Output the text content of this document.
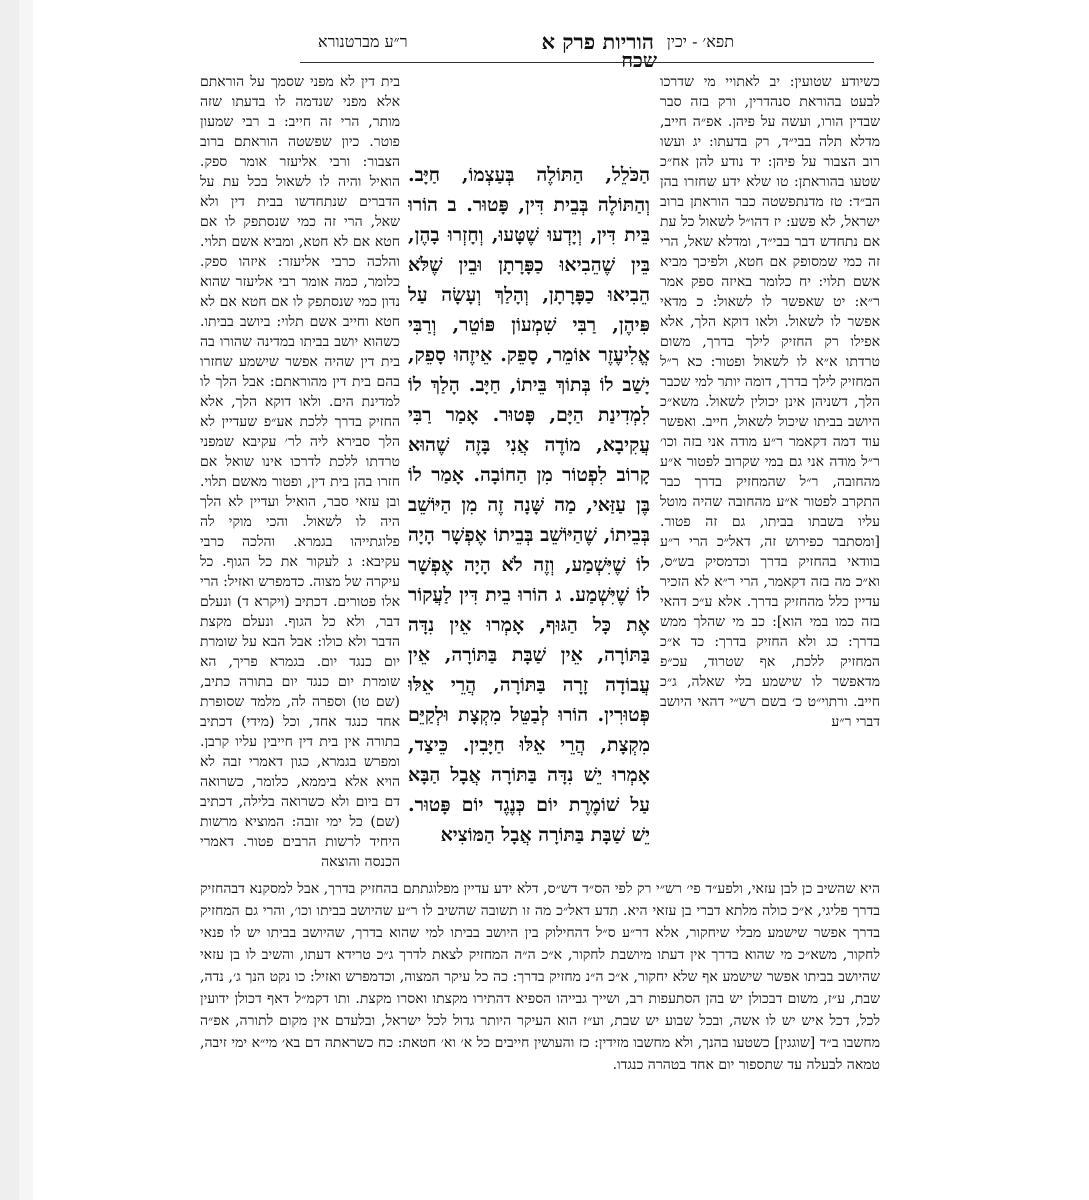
שכח
תפא׳ - יכין
הוריות פרק א
ר״ע מברטנורא

כשיודע שטועין: יב לאתויי מי שדרכו לבעט בהוראת סנהדרין, ורק בזה סבר שבדין הורו, ועשה על פיהן. אפ״ה חייב, מדלא תלה בבי״ד, רק בדעתו: יג ועשו רוב הצבור על פיהן: יד נודע להן אח״כ שטעו בהוראתן: טו שלא ידע שחזרו בהן הב״ד: טז מדנתפשטה כבר הוראתן ברוב ישראל, לא פשע: יז דהו״ל לשאול כל עת אם נתחדש דבר בבי״ד, ומדלא שאל, הרי זה כמי שמסופק אם חטא, ולפיכך מביא אשם תלוי: יח כלומר באיזה ספק אמר ר״א: יט שאפשר לו לשאול: כ מדאי אפשר לו לשאול. ולאו דוקא הלך, אלא אפילו רק החזיק לילך בדרך, משום טרדתו א״א לו לשאול ופטור: כא ר״ל המחזיק לילך בדרך, דומה יותר למי שכבר הלך, דשניהן אינן יכולין לשאול. משא״כ היושב בביתו שיכול לשאול, חייב. ואפשר עוד דמה דקאמר ר״ע מודה אני בזה וכו׳ ר״ל מודה אני גם במי שקרוב לפטור א״ע מהחובה, ר״ל שהמחזיק בדרך כבר התקרב לפטור א״ע מהחובה שהיה מוטל עליו בשבתו בביתו, גם זה פטור. [ומסתבר כפירוש זה, דאל״כ הרי ר״ע בוודאי בהחזיק בדרך וכדמסיק בש״ס, וא״כ מה בזה דקאמר, הרי ר״א לא הזכיר עדיין כלל מהחזיק בדרך. אלא ע״כ דהאי בזה כמו במי הוא]: כב מי שהלך ממש בדרך: כג ולא החזיק בדרך: כד א״כ המחזיק ללכת, אף שטרוד, עכ״פ מדאפשר לו שישמע בלי שאלה, ג״כ חייב. ורתוי״ט כ׳ בשם רש״י דהאי היושב דברי ר״ע

הַכֹּלֵל, הַתּוֹלֶה בְּעַצְמוֹ, חַיָּב. וְהַתּוֹלֶה בְּבֵית דִּין, פָּטוּר. ב הוֹרוּ בֵּית דִּין, וְיָדְעוּ שֶׁטָּעוּ, וְחָזְרוּ בָהֶן, בֵּין שֶׁהֵבִיאוּ כַפָּרָתָן וּבֵין שֶׁלֹּא הֵבִיאוּ כַפָּרָתָן, וְהָלַךְ וְעָשָׂה עַל פִּיהֶן, רַבִּי שִׁמְעוֹן פּוֹטֵר, וְרַבִּי אֱלִיעֶזֶר אוֹמֵר, סָפֵק. אֵיזֶהוּ סָפֵק, יָשַׁב לוֹ בְּתוֹךְ בֵּיתוֹ, חַיָּב. הָלַךְ לוֹ לִמְדִינַת הַיָּם, פָּטוּר. אָמַר רַבִּי עֲקִיבָא, מוֹדֶה אֲנִי בָּזֶה שֶׁהוּא קָרוֹב לִפְטוֹר מִן הַחוֹבָה. אָמַר לוֹ בֶּן עַזַּאי, מַה שָּׁנָה זֶה מִן הַיּוֹשֵׁב בְּבֵיתוֹ, שֶׁהַיּוֹשֵׁב בְּבֵיתוֹ אֶפְשָׁר הָיָה לוֹ שֶׁיִּשְׁמַע, וְזֶה לֹא הָיָה אֶפְשָׁר לוֹ שֶׁיִּשְׁמַע. ג הוֹרוּ בֵית דִּין לַעֲקוֹר אֶת כָּל הַגּוּף, אָמְרוּ אֵין נִדָּה בַּתּוֹרָה, אֵין שַׁבָּת בַּתּוֹרָה, אֵין עֲבוֹדָה זָרָה בַּתּוֹרָה, הֲרֵי אֵלּוּ פְּטוּרִין. הוֹרוּ לְבַטֵּל מִקְצָת וּלְקַיֵּם מִקְצָת, הֲרֵי אֵלּוּ חַיָּבִין. כֵּיצַד, אָמְרוּ יֵשׁ נִדָּה בַּתּוֹרָה אֲבָל הַבָּא עַל שׁוֹמֶרֶת יוֹם כְּנֶגֶד יוֹם פָּטוּר. יֵשׁ שַׁבָּת בַּתּוֹרָה אֲבָל הַמּוֹצִיא

בית דין לא מפני שסמך על הוראתם אלא מפני שנדמה לו בדעתו שזה מותר, הרי זה חייב: ב רבי שמעון פוטר. כיון שפשטה הוראתם ברוב הצבור: ורבי אליעזר אומר ספק. הואיל והיה לו לשאול בכל עת על הדברים שנתחדשו בבית דין ולא שאל, הרי זה כמי שנסתפק לו אם חטא אם לא חטא, ומביא אשם תלוי. והלכה כרבי אליעזר: איזהו ספק. כלומר, כמה אומר רבי אליעזר שהוא נדון כמי שנסתפק לו אם חטא אם לא חטא וחייב אשם תלוי: ביושב בביתו. כשהוא יושב בביתו במדינה שהורו בה בית דין שהיה אפשר שישמע שחזרו בהם בית דין מהוראתם: אבל הלך לו למדינת הים. ולאו דוקא הלך, אלא החזיק בדרך ללכת אע״פ שעדיין לא הלך סבירא ליה לר׳ עקיבא שמפני טרדתו ללכת לדרכו אינו שואל אם חזרו בהן בית דין, ופטור מאשם תלוי. ובן עזאי סבר, הואיל ועדיין לא הלך היה לו לשאול. והכי מוקי לה פלוגתייהו בגמרא. והלכה כרבי עקיבא: ג לעקור את כל הגוף. כל עיקרה של מצוה. כדמפרש ואזיל: הרי אלו פטורים. דכתיב (ויקרא ד) ונעלם דבר, ולא כל הגוף. ונעלם מקצת הדבר ולא כולו: אבל הבא על שומרת יום כנגד יום. בגמרא פריך, הא שומרת יום כנגד יום בתורה כתיב, (שם טו) וספרה לה, מלמד שסופרת אחד כנגד אחד, וכל (מידי) דכתיב בתורה אין בית דין חייבין עליו קרבן. ומפרש בגמרא, כגון דאמרי זבה לא הויא אלא ביממא, כלומר, כשרואה דם ביום ולא כשרואה בלילה, דכתיב (שם) כל ימי זובה: המוציא מרשות היחיד לרשות הרבים פטור. דאמרי הכנסה והוצאה

היא שהשיב כן לבן עזאי, ולפע״ד פי׳ רש״י רק לפי הס״ד דש״ס, דלא ידע עדיין מפלוגתתם בהחזיק בדרך, אבל למסקנא דבהחזיק בדרך פליגי, א״כ כולה מלתא דברי בן עזאי היא. תדע דאל״כ מה זו תשובה שהשיב לו ר״ע שהיושב בביתו וכו׳, והרי גם המחזיק בדרך אפשר שישמע מבלי שיחקור, אלא דר״ע ס״ל דהחילוק בין היושב בביתו למי שהוא בדרך, שהיושב בביתו יש לו פנאי לחקור, משא״כ מי שהוא בדרך אין דעתו מיושבת לחקור, א״כ ה״ה המחזיק לצאת לדרך ג״כ טרידא דעתו, והשיב לו בן עזאי שהיושב בביתו אפשר שישמע אף שלא יחקור, א״כ ה״נ מחזיק בדרך: כה כל עיקר המצוה, וכדמפרש ואזיל: כו נקט הנך ג׳, נדה, שבת, ע״ז, משום דבכולן יש בהן הסתעפות רב, ושייך גבייהו הספיא דהתירו מקצתו ואסרו מקצת. ותו דקמ״ל דאף דכולן ידועין לכל, דכל איש יש לו אשה, ובכל שבוע יש שבת, וע״ז הוא העיקר היותר גדול לכל ישראל, ובלעדם אין מקום לתורה, אפ״ה מחשבו ב״ד [שוגגין] כשטעו בהנך, ולא מחשבו מזידין: כז והעושין חייבים כל א׳ וא׳ חטאת: כח כשראתה דם בא׳ מי״א ימי זיבה, טמאה לבעלה עד שתספור יום אחד בטהרה כנגדו.
